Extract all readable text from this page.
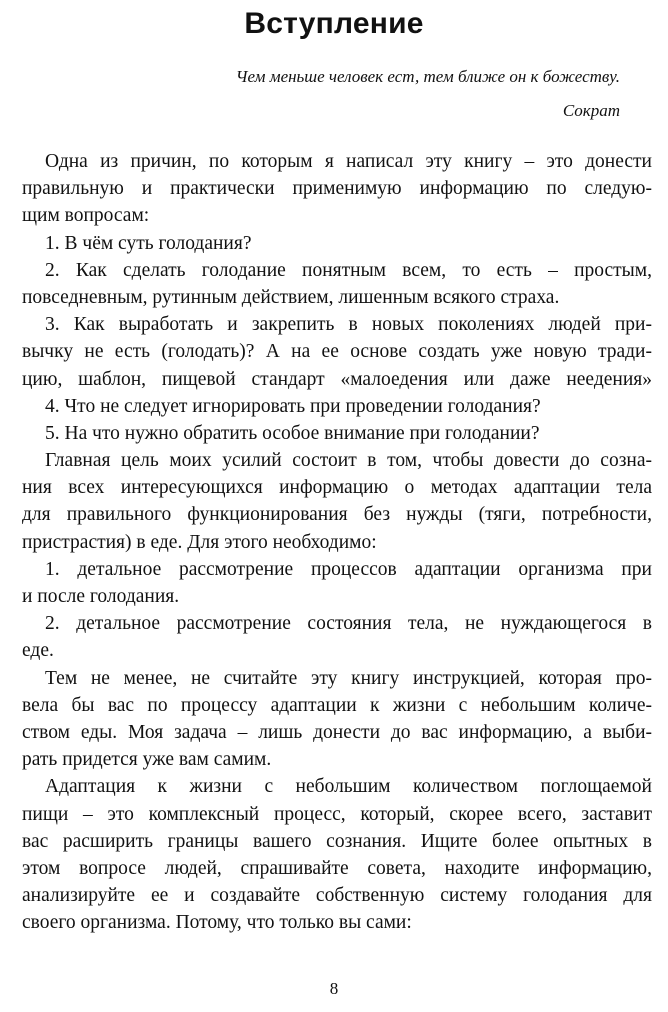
Вступление
Чем меньше человек ест, тем ближе он к божеству.
Сократ
Одна из причин, по которым я написал эту книгу – это донести
правильную и практически применимую информацию по следую-
щим вопросам:
1. В чём суть голодания?
2. Как сделать голодание понятным всем, то есть – простым,
повседневным, рутинным действием, лишенным всякого страха.
3. Как выработать и закрепить в новых поколениях людей при-
вычку не есть (голодать)? А на ее основе создать уже новую тради-
цию, шаблон, пищевой стандарт «малоедения или даже неедения»
4. Что не следует игнорировать при проведении голодания?
5. На что нужно обратить особое внимание при голодании?
Главная цель моих усилий состоит в том, чтобы довести до созна-
ния всех интересующихся информацию о методах адаптации тела
для правильного функционирования без нужды (тяги, потребности,
пристрастия) в еде. Для этого необходимо:
1. детальное рассмотрение процессов адаптации организма при
и после голодания.
2. детальное рассмотрение состояния тела, не нуждающегося в
еде.
Тем не менее, не считайте эту книгу инструкцией, которая про-
вела бы вас по процессу адаптации к жизни с небольшим количе-
ством еды. Моя задача – лишь донести до вас информацию, а выби-
рать придется уже вам самим.
Адаптация к жизни с небольшим количеством поглощаемой
пищи – это комплексный процесс, который, скорее всего, заставит
вас расширить границы вашего сознания. Ищите более опытных в
этом вопросе людей, спрашивайте совета, находите информацию,
анализируйте ее и создавайте собственную систему голодания для
своего организма. Потому, что только вы сами:
8
